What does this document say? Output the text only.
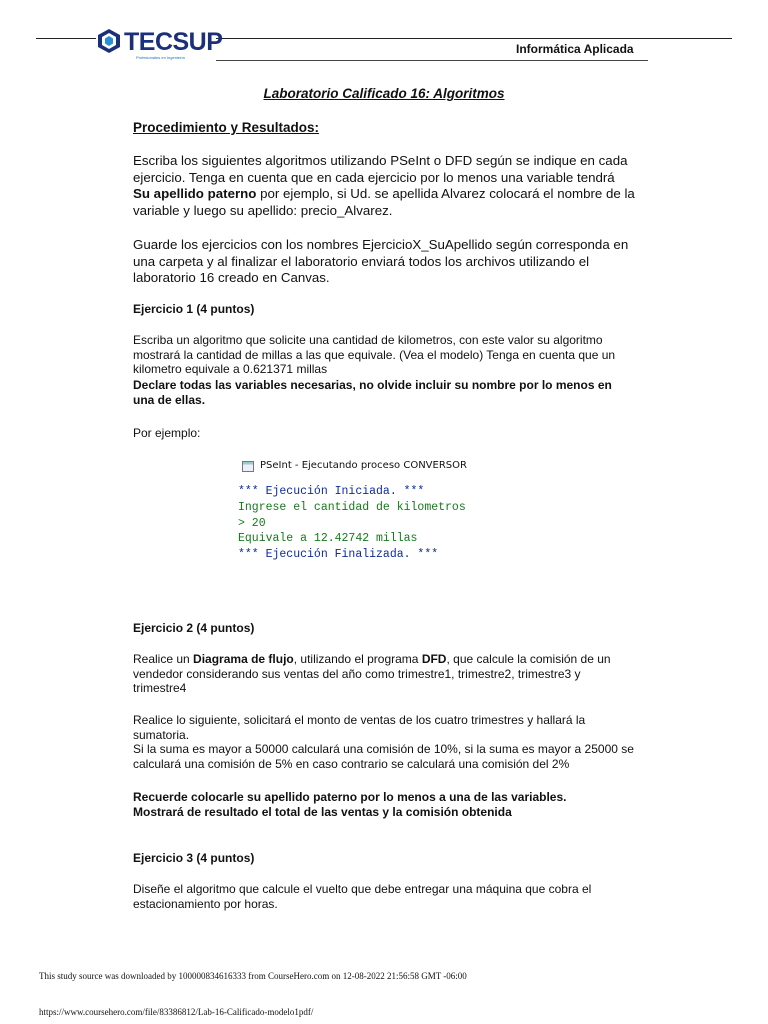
TECSUP
Profesionales en Ingeniería
Informática Aplicada
Laboratorio Calificado 16: Algoritmos
Procedimiento y Resultados:
Escriba los siguientes algoritmos utilizando PSeInt o DFD según se indique en cada ejercicio. Tenga en cuenta que en cada ejercicio por lo menos una variable tendrá Su apellido paterno por ejemplo, si Ud. se apellida Alvarez colocará el nombre de la variable y luego su apellido: precio_Alvarez.
Guarde los ejercicios con los nombres EjercicioX_SuApellido según corresponda en una carpeta y al finalizar el laboratorio enviará todos los archivos utilizando el laboratorio 16 creado en Canvas.
Ejercicio 1 (4 puntos)
Escriba un algoritmo que solicite una cantidad de kilometros, con este valor su algoritmo mostrará la cantidad de millas a las que equivale. (Vea el modelo) Tenga en cuenta que un kilometro equivale a 0.621371 millas
Declare todas las variables necesarias, no olvide incluir su nombre por lo menos en una de ellas.
Por ejemplo:
PSeInt - Ejecutando proceso CONVERSOR
*** Ejecución Iniciada. ***
Ingrese el cantidad de kilometros
> 20
Equivale a 12.42742 millas
*** Ejecución Finalizada. ***
Ejercicio 2 (4 puntos)
Realice un Diagrama de flujo, utilizando el programa DFD, que calcule la comisión de un vendedor considerando sus ventas del año como trimestre1, trimestre2, trimestre3 y trimestre4
Realice lo siguiente, solicitará el monto de ventas de los cuatro trimestres y hallará la sumatoria.
Si la suma es mayor a 50000 calculará una comisión de 10%, si la suma es mayor a 25000 se calculará una comisión de 5% en caso contrario se calculará una comisión del 2%
Recuerde colocarle su apellido paterno por lo menos a una de las variables.
Mostrará de resultado el total de las ventas y la comisión obtenida
Ejercicio 3 (4 puntos)
Diseñe el algoritmo que calcule el vuelto que debe entregar una máquina que cobra el estacionamiento por horas.
This study source was downloaded by 100000834616333 from CourseHero.com on 12-08-2022 21:56:58 GMT -06:00
https://www.coursehero.com/file/83386812/Lab-16-Calificado-modelo1pdf/
